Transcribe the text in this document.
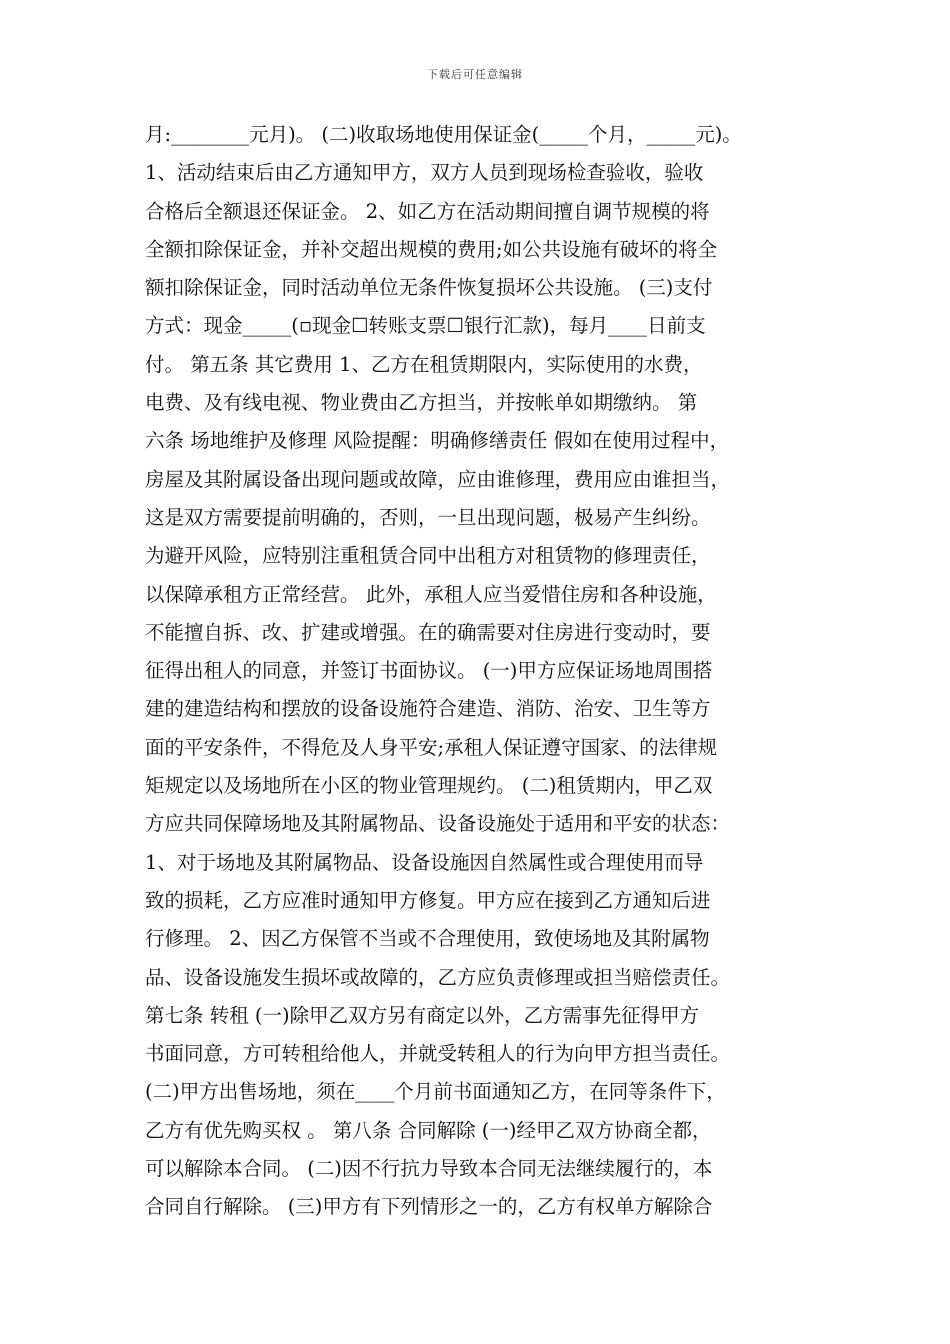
下载后可任意编辑
月:________元月)。 (二)收取场地使用保证金(_____个月，_____元)。
1、活动结束后由乙方通知甲方，双方人员到现场检查验收，验收
合格后全额退还保证金。 2、如乙方在活动期间擅自调节规模的将
全额扣除保证金，并补交超出规模的费用;如公共设施有破坏的将全
额扣除保证金，同时活动单位无条件恢复损坏公共设施。 (三)支付
方式：现金_____(▫现金☐转账支票☐银行汇款)，每月____日前支
付。 第五条 其它费用 1、乙方在租赁期限内，实际使用的水费，
电费、及有线电视、物业费由乙方担当，并按帐单如期缴纳。 第
六条 场地维护及修理 风险提醒：明确修缮责任 假如在使用过程中，
房屋及其附属设备出现问题或故障，应由谁修理，费用应由谁担当，
这是双方需要提前明确的，否则，一旦出现问题，极易产生纠纷。
为避开风险，应特别注重租赁合同中出租方对租赁物的修理责任，
以保障承租方正常经营。 此外，承租人应当爱惜住房和各种设施，
不能擅自拆、改、扩建或增强。在的确需要对住房进行变动时，要
征得出租人的同意，并签订书面协议。 (一)甲方应保证场地周围搭
建的建造结构和摆放的设备设施符合建造、消防、治安、卫生等方
面的平安条件，不得危及人身平安;承租人保证遵守国家、的法律规
矩规定以及场地所在小区的物业管理规约。 (二)租赁期内，甲乙双
方应共同保障场地及其附属物品、设备设施处于适用和平安的状态：
1、对于场地及其附属物品、设备设施因自然属性或合理使用而导
致的损耗，乙方应准时通知甲方修复。甲方应在接到乙方通知后进
行修理。 2、因乙方保管不当或不合理使用，致使场地及其附属物
品、设备设施发生损坏或故障的，乙方应负责修理或担当赔偿责任。
第七条 转租 (一)除甲乙双方另有商定以外，乙方需事先征得甲方
书面同意，方可转租给他人，并就受转租人的行为向甲方担当责任。
(二)甲方出售场地，须在____个月前书面通知乙方，在同等条件下，
乙方有优先购买权 。 第八条 合同解除 (一)经甲乙双方协商全都，
可以解除本合同。 (二)因不行抗力导致本合同无法继续履行的，本
合同自行解除。 (三)甲方有下列情形之一的，乙方有权单方解除合
